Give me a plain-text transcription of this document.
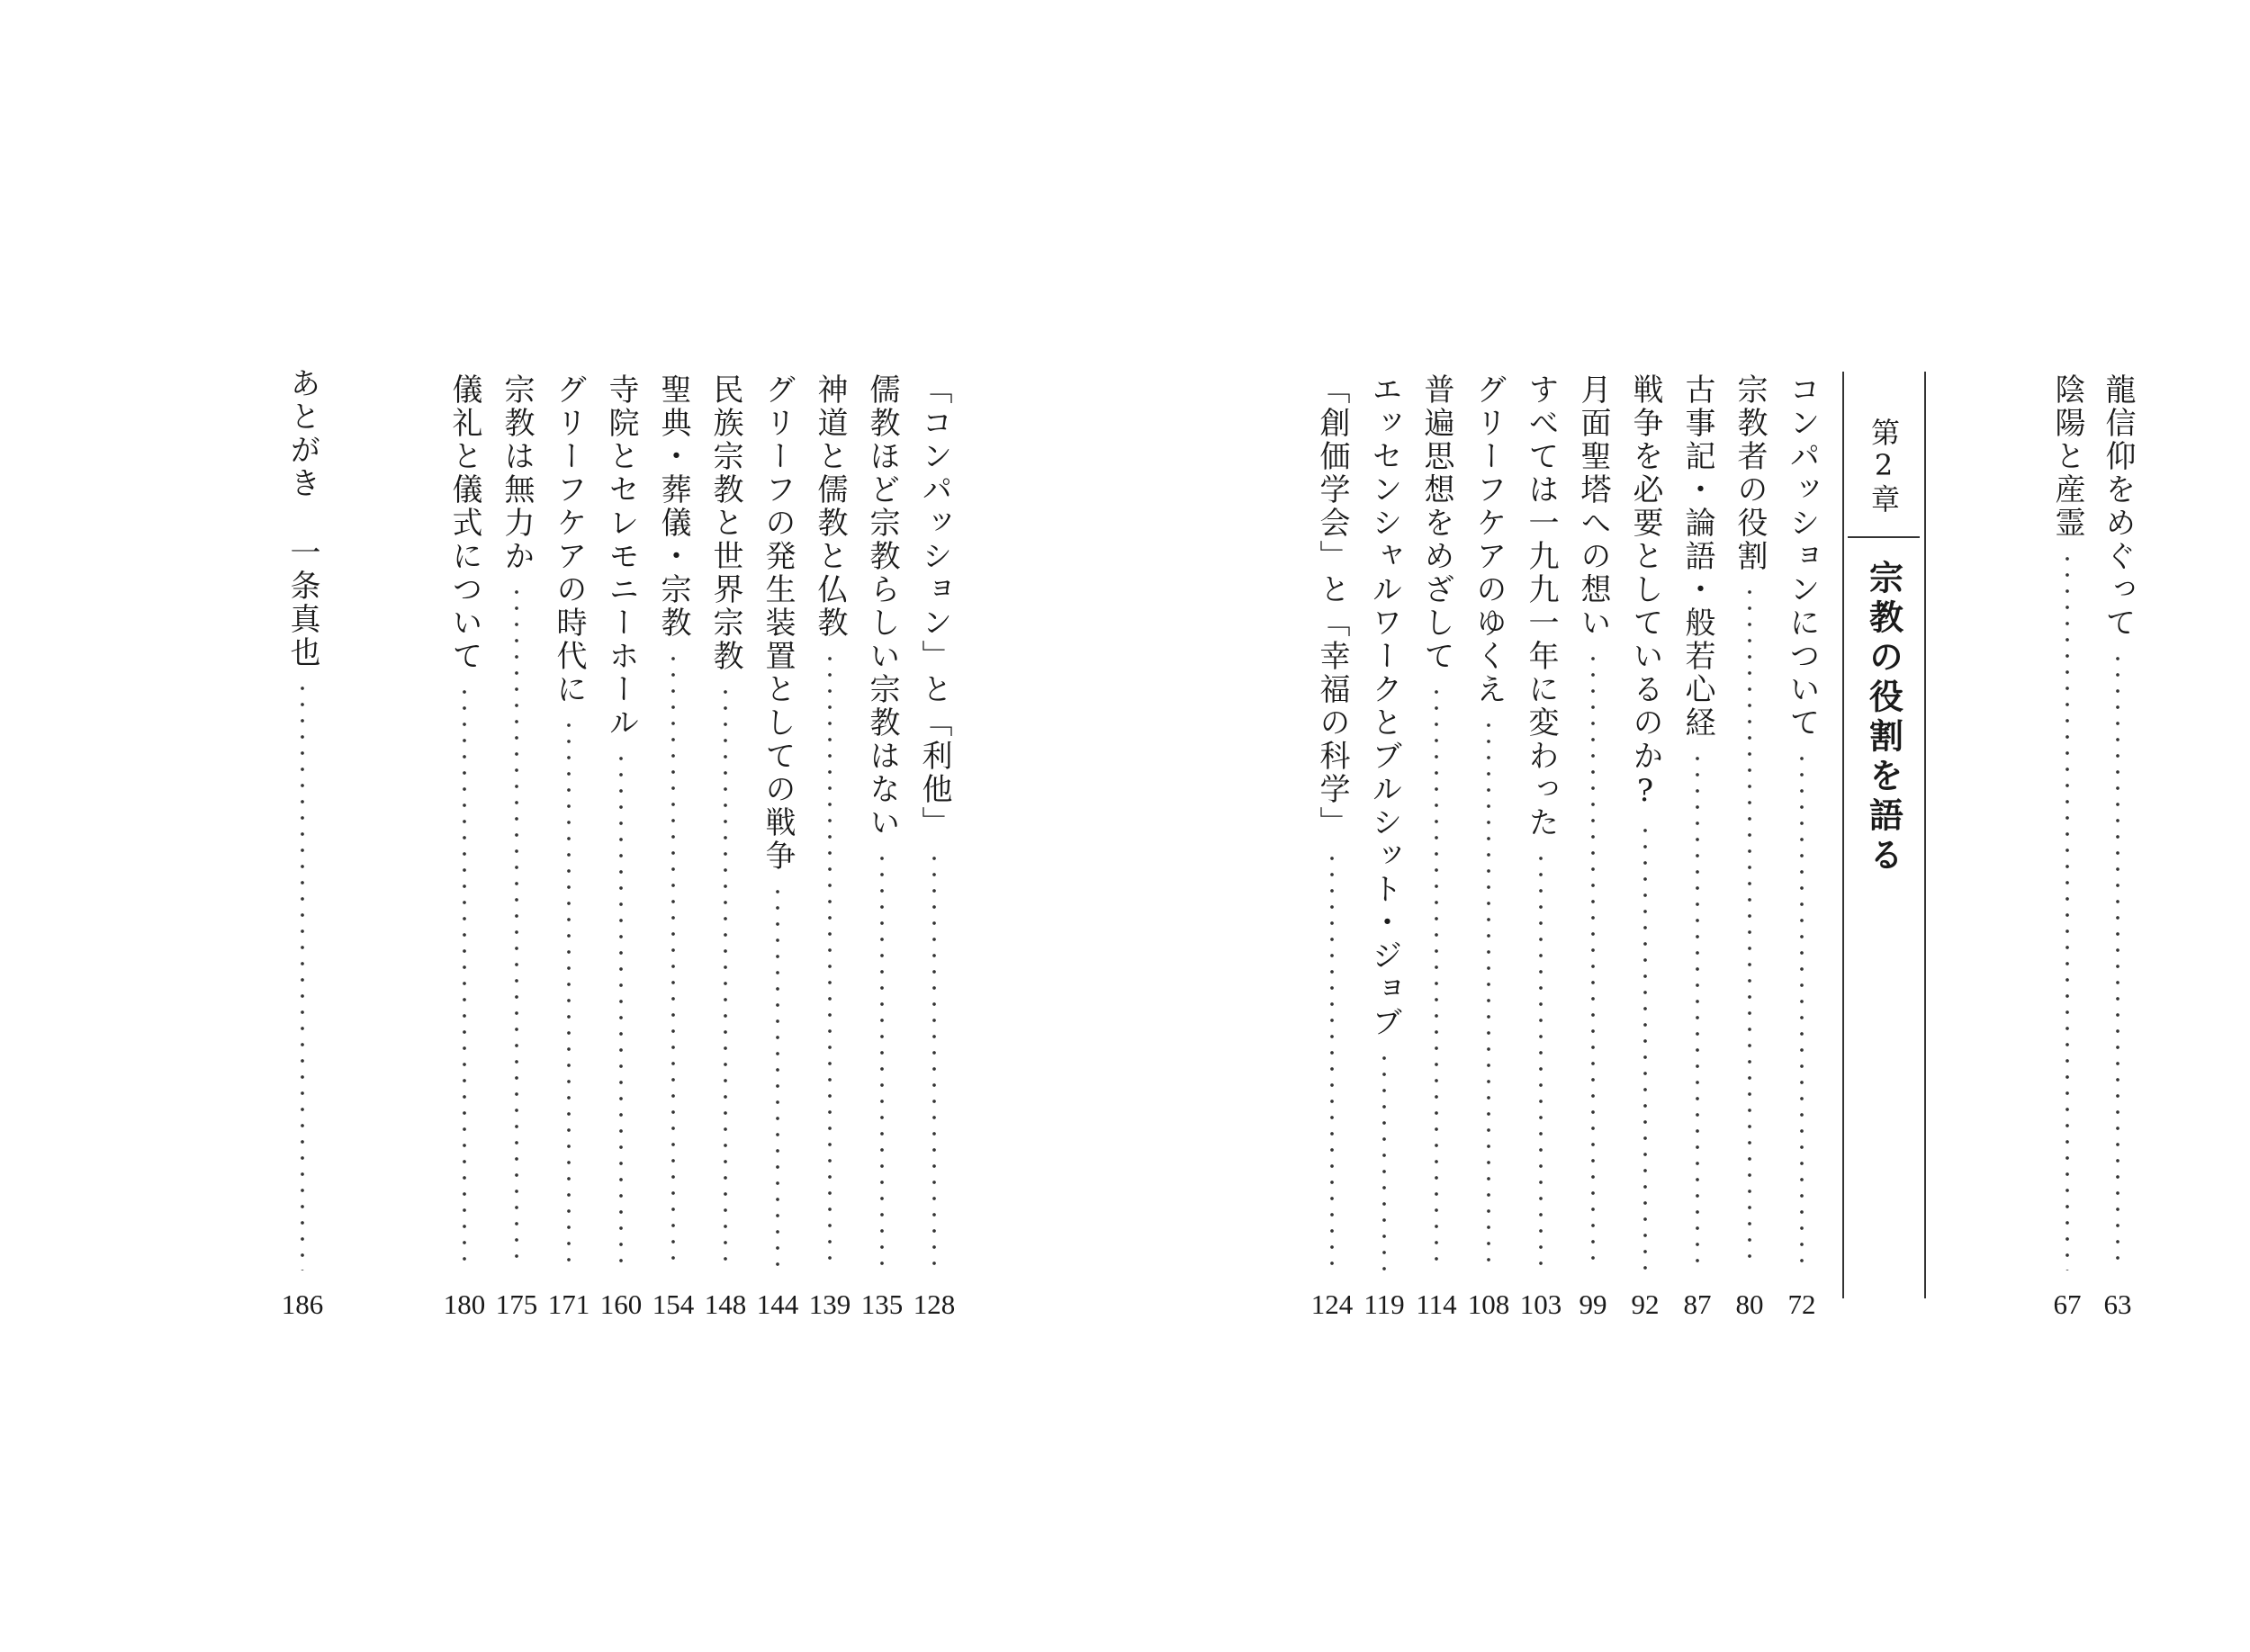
龍信仰をめぐって
63
陰陽と産霊
67
第2章
宗教の役割を語る
コンパッションについて
72
宗教者の役割
80
古事記・論語・般若心経
87
戦争を必要としているのか?
92
月面聖塔への想い
99
すべては一九九一年に変わった
103
グリーフケアのゆくえ
108
普遍思想をめざして
114
エッセンシャルワークとブルシット・ジョブ
119
「創価学会」と「幸福の科学」
124
「コンパッション」と「利他」
128
儒教ほど宗教らしい宗教はない
135
神道と儒教と仏教
139
グリーフの発生装置としての戦争
144
民族宗教と世界宗教
148
聖典・葬儀・宗教
154
寺院とセレモニーホール
160
グリーフケアの時代に
171
宗教は無力か
175
儀礼と儀式について
180
あとがき
一条真也
186
